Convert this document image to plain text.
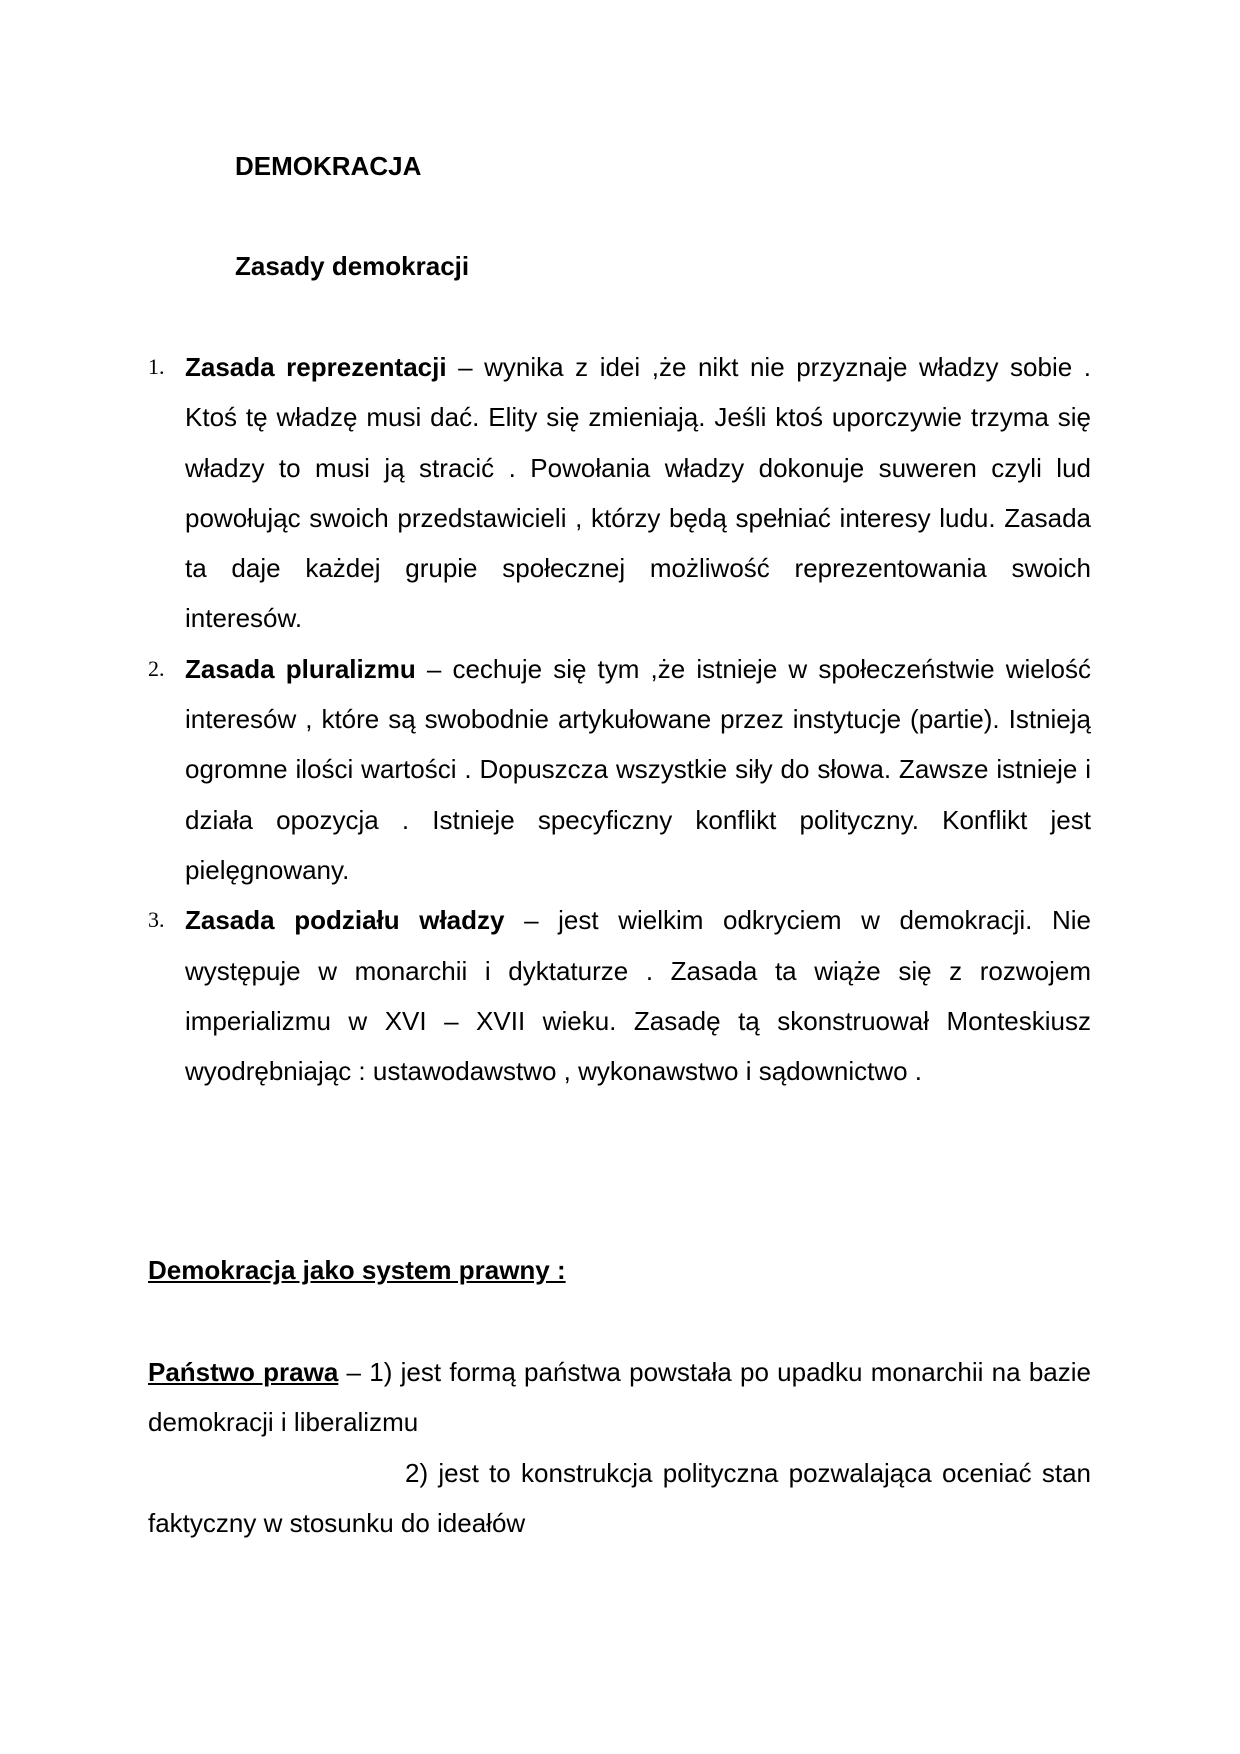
DEMOKRACJA
Zasady demokracji
1. Zasada reprezentacji – wynika z idei ,że nikt nie przyznaje władzy sobie . Ktoś tę władzę musi dać. Elity się zmieniają. Jeśli ktoś uporczywie trzyma się władzy to musi ją stracić . Powołania władzy dokonuje suweren czyli lud powołując swoich przedstawicieli , którzy będą spełniać interesy ludu. Zasada ta daje każdej grupie społecznej możliwość reprezentowania swoich interesów.
2. Zasada pluralizmu – cechuje się tym ,że istnieje w społeczeństwie wielość interesów , które są swobodnie artykułowane przez instytucje (partie). Istnieją ogromne ilości wartości . Dopuszcza wszystkie siły do słowa. Zawsze istnieje i działa opozycja . Istnieje specyficzny konflikt polityczny. Konflikt jest pielęgnowany.
3. Zasada podziału władzy – jest wielkim odkryciem w demokracji. Nie występuje w monarchii i dyktaturze . Zasada ta wiąże się z rozwojem imperializmu w XVI – XVII wieku. Zasadę tą skonstruował Monteskiusz wyodrębniając : ustawodawstwo , wykonawstwo i sądownictwo .
Demokracja jako system prawny :
Państwo prawa – 1) jest formą państwa powstała po upadku monarchii na bazie demokracji i liberalizmu
2) jest to konstrukcja polityczna pozwalająca oceniać stan faktyczny w stosunku do ideałów
